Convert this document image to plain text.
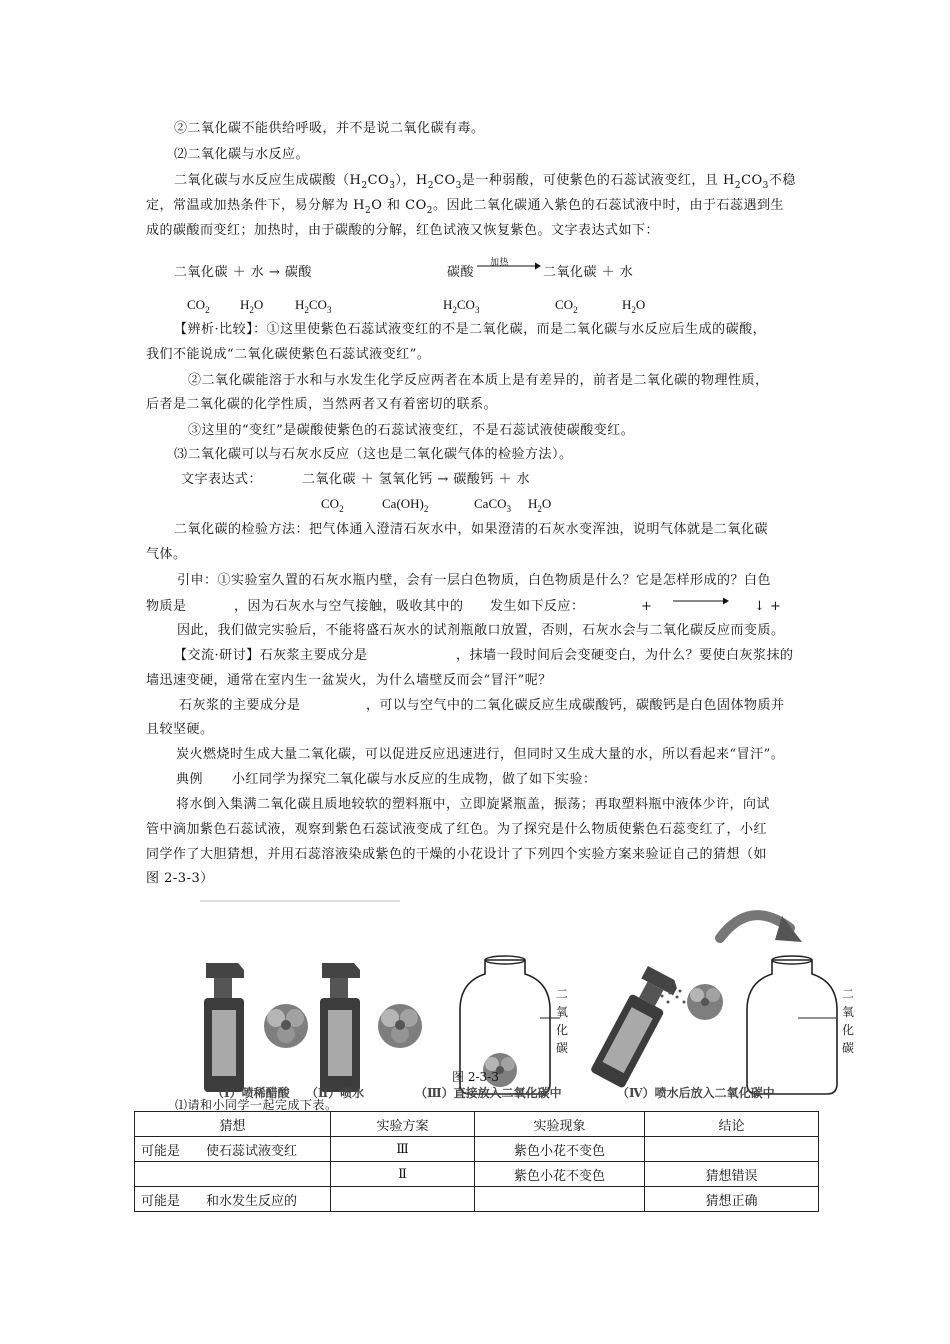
②二氧化碳不能供给呼吸，并不是说二氧化碳有毒。
⑵二氧化碳与水反应。
二氧化碳与水反应生成碳酸$(H_2CO_3)$，$H_2CO_3$是一种弱酸，可使紫色的石蕊试液变红，且 $H_2CO_3$不稳
定，常温或加热条件下，易分解为 $H_2O$ 和 $CO_2$。因此二氧化碳通入紫色的石蕊试液中时，由于石蕊遇到生
成的碳酸而变红；加热时，由于碳酸的分解，红色试液又恢复紫色。文字表达式如下：
二氧化碳 ＋ 水 → 碳酸	碳酸
加热
二氧化碳 ＋ 水
$CO_2$ $H_2O$ $H_2CO_3$	$H_2CO_3$	$CO_2$	$H_2O$
【辨析·比较】：①这里使紫色石蕊试液变红的不是二氧化碳，而是二氧化碳与水反应后生成的碳酸，
我们不能说成“二氧化碳使紫色石蕊试液变红”。
②二氧化碳能溶于水和与水发生化学反应两者在本质上是有差异的，前者是二氧化碳的物理性质，
后者是二氧化碳的化学性质，当然两者又有着密切的联系。
③这里的“变红”是碳酸使紫色的石蕊试液变红，不是石蕊试液使碳酸变红。
⑶二氧化碳可以与石灰水反应（这也是二氧化碳气体的检验方法）。
文字表达式：	二氧化碳 ＋ 氢氧化钙 → 碳酸钙 ＋ 水
$CO_2$	$Ca(OH)_2$	CaCO$_3$ $H_2O$
二氧化碳的检验方法：把气体通入澄清石灰水中，如果澄清的石灰水变浑浊，说明气体就是二氧化碳
气体。
引申：①实验室久置的石灰水瓶内壁，会有一层白色物质，白色物质是什么？它是怎样形成的？白色
物质是	，因为石灰水与空气接触，吸收其中的 发生如下反应：	+	↓ +
因此，我们做完实验后，不能将盛石灰水的试剂瓶敞口放置，否则，石灰水会与二氧化碳反应而变质。
【交流·研讨】石灰浆主要成分是	，抹墙一段时间后会变硬变白，为什么？要使白灰浆抹的
墙迅速变硬，通常在室内生一盆炭火，为什么墙壁反而会“冒汗”呢？
石灰浆的主要成分是	，可以与空气中的二氧化碳反应生成碳酸钙，碳酸钙是白色固体物质并
且较坚硬。
炭火燃烧时生成大量二氧化碳，可以促进反应迅速进行，但同时又生成大量的水，所以看起来“冒汗”。
典例 小红同学为探究二氧化碳与水反应的生成物，做了如下实验：
将水倒入集满二氧化碳且质地较软的塑料瓶中，立即旋紧瓶盖，振荡；再取塑料瓶中液体少许，向试
管中滴加紫色石蕊试液，观察到紫色石蕊试液变成了红色。为了探究是什么物质使紫色石蕊变红了，小红
同学作了大胆猜想，并用石蕊溶液染成紫色的干燥的小花设计了下列四个实验方案来验证自己的猜想（如
图 2-3-3）
二氧化碳
二氧化碳
图 2-3-3
（Ⅰ）喷稀醋酸 （Ⅱ）喷水	（Ⅲ）直接放入二氧化碳中	（Ⅳ）喷水后放入二氧化碳中
⑴请和小同学一起完成下表。
猜想	实验方案	实验现象	结论
可能是　　使石蕊试液变红	Ⅲ	紫色小花不变色	
	Ⅱ	紫色小花不变色	猜想错误
可能是　　和水发生反应的			猜想正确
